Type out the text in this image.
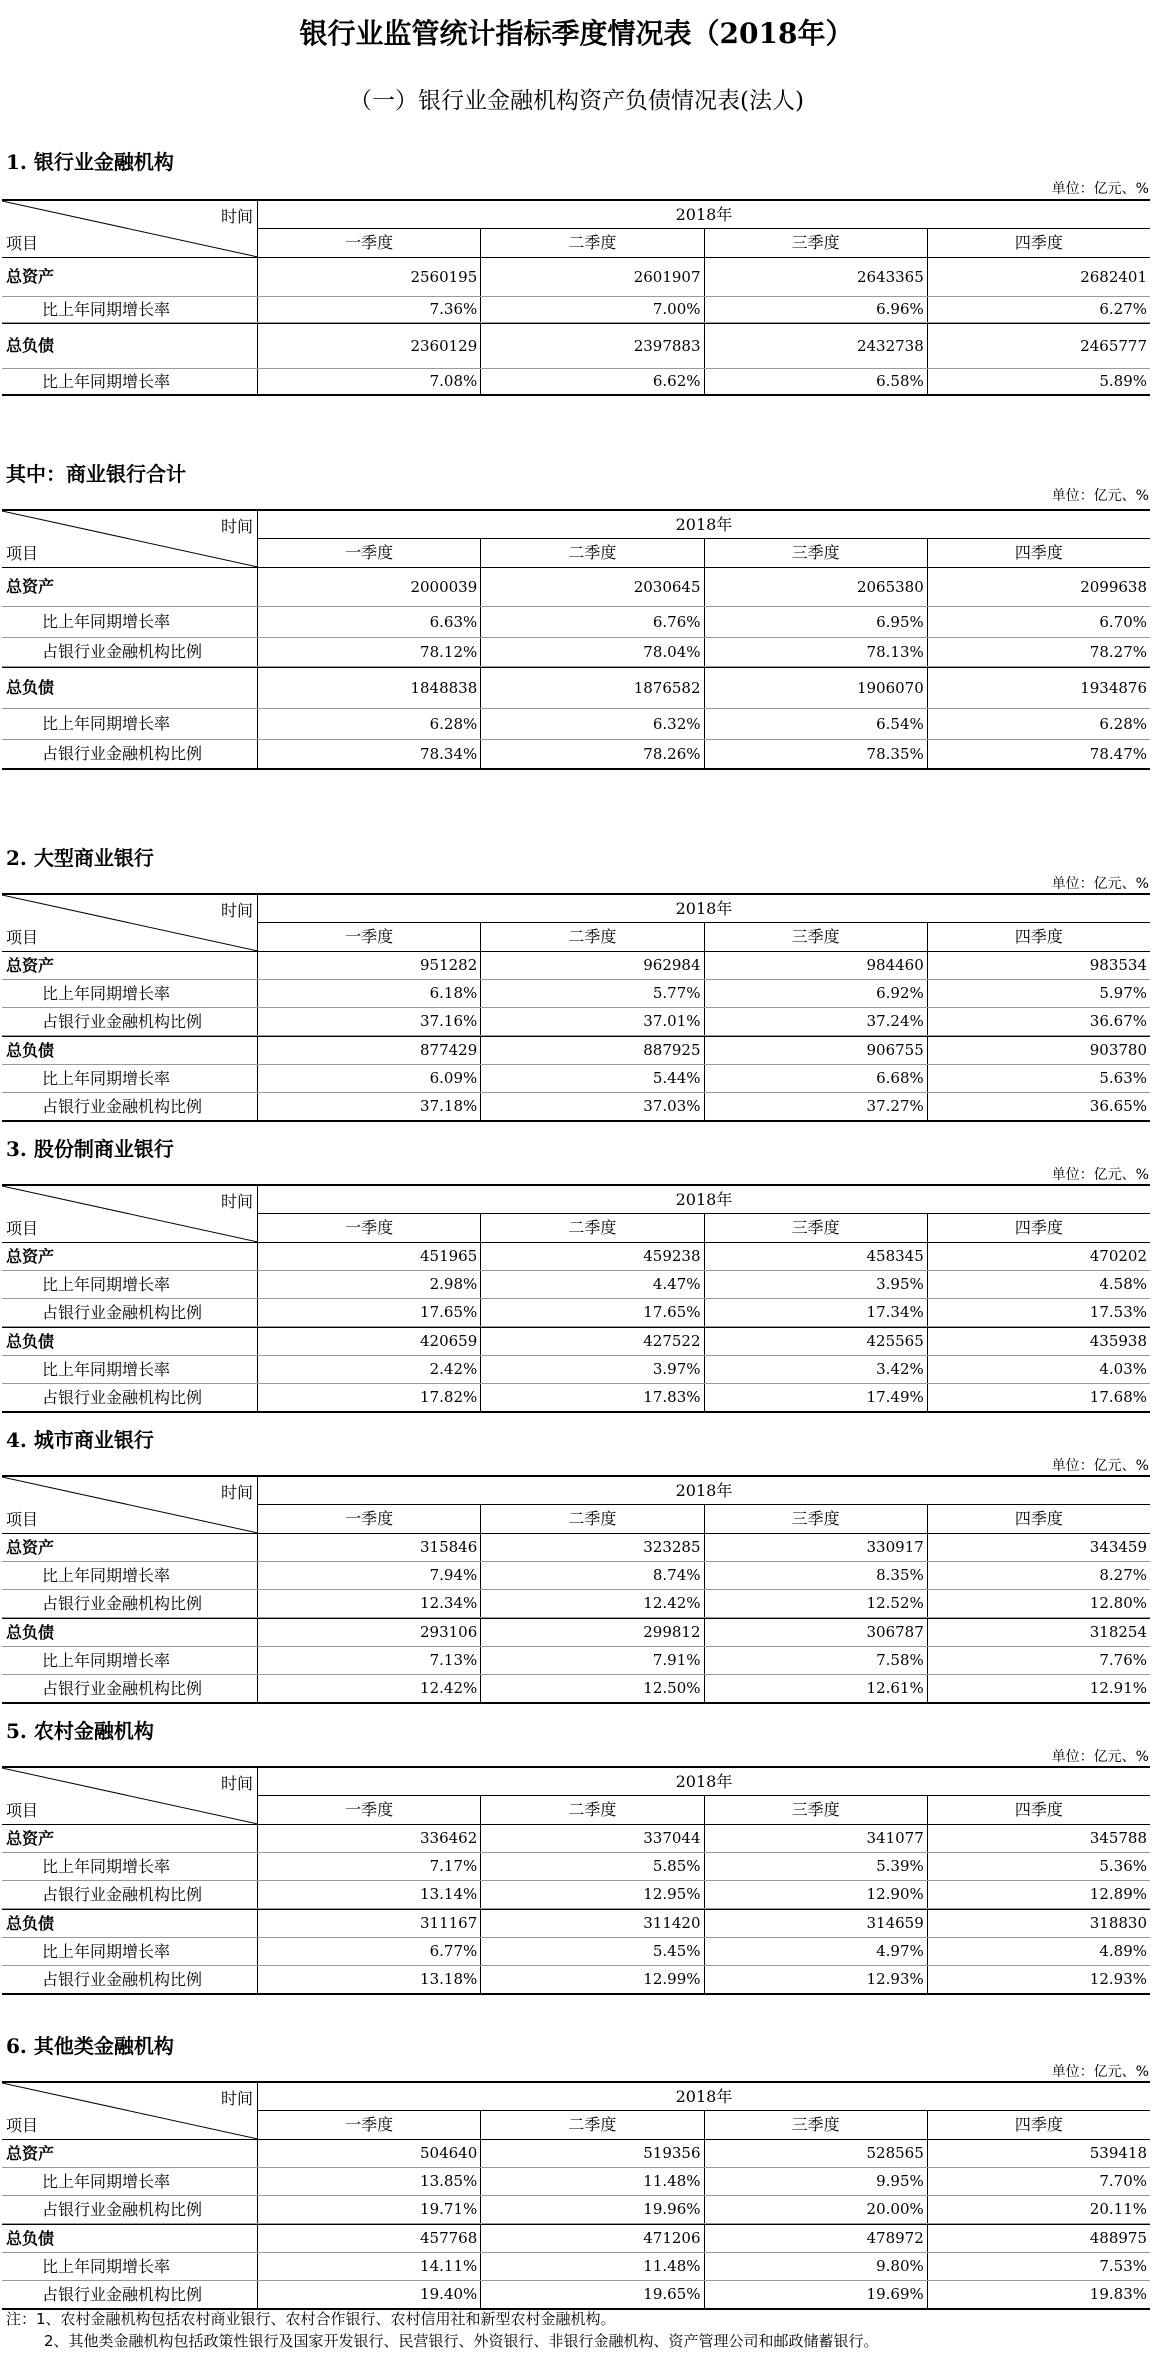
银行业监管统计指标季度情况表（2018年）
（一）银行业金融机构资产负债情况表(法人)
1. 银行业金融机构
单位：亿元、%
时间
项目
2018年
一季度	二季度	三季度	四季度
总资产	2560195	2601907	2643365	2682401
比上年同期增长率	7.36%	7.00%	6.96%	6.27%
总负债	2360129	2397883	2432738	2465777
比上年同期增长率	7.08%	6.62%	6.58%	5.89%
其中：商业银行合计
单位：亿元、%
时间
项目
2018年
一季度	二季度	三季度	四季度
总资产	2000039	2030645	2065380	2099638
比上年同期增长率	6.63%	6.76%	6.95%	6.70%
占银行业金融机构比例	78.12%	78.04%	78.13%	78.27%
总负债	1848838	1876582	1906070	1934876
比上年同期增长率	6.28%	6.32%	6.54%	6.28%
占银行业金融机构比例	78.34%	78.26%	78.35%	78.47%
2. 大型商业银行
单位：亿元、%
时间
项目
2018年
一季度	二季度	三季度	四季度
总资产	951282	962984	984460	983534
比上年同期增长率	6.18%	5.77%	6.92%	5.97%
占银行业金融机构比例	37.16%	37.01%	37.24%	36.67%
总负债	877429	887925	906755	903780
比上年同期增长率	6.09%	5.44%	6.68%	5.63%
占银行业金融机构比例	37.18%	37.03%	37.27%	36.65%
3. 股份制商业银行
单位：亿元、%
时间
项目
2018年
一季度	二季度	三季度	四季度
总资产	451965	459238	458345	470202
比上年同期增长率	2.98%	4.47%	3.95%	4.58%
占银行业金融机构比例	17.65%	17.65%	17.34%	17.53%
总负债	420659	427522	425565	435938
比上年同期增长率	2.42%	3.97%	3.42%	4.03%
占银行业金融机构比例	17.82%	17.83%	17.49%	17.68%
4. 城市商业银行
单位：亿元、%
时间
项目
2018年
一季度	二季度	三季度	四季度
总资产	315846	323285	330917	343459
比上年同期增长率	7.94%	8.74%	8.35%	8.27%
占银行业金融机构比例	12.34%	12.42%	12.52%	12.80%
总负债	293106	299812	306787	318254
比上年同期增长率	7.13%	7.91%	7.58%	7.76%
占银行业金融机构比例	12.42%	12.50%	12.61%	12.91%
5. 农村金融机构
单位：亿元、%
时间
项目
2018年
一季度	二季度	三季度	四季度
总资产	336462	337044	341077	345788
比上年同期增长率	7.17%	5.85%	5.39%	5.36%
占银行业金融机构比例	13.14%	12.95%	12.90%	12.89%
总负债	311167	311420	314659	318830
比上年同期增长率	6.77%	5.45%	4.97%	4.89%
占银行业金融机构比例	13.18%	12.99%	12.93%	12.93%
6. 其他类金融机构
单位：亿元、%
时间
项目
2018年
一季度	二季度	三季度	四季度
总资产	504640	519356	528565	539418
比上年同期增长率	13.85%	11.48%	9.95%	7.70%
占银行业金融机构比例	19.71%	19.96%	20.00%	20.11%
总负债	457768	471206	478972	488975
比上年同期增长率	14.11%	11.48%	9.80%	7.53%
占银行业金融机构比例	19.40%	19.65%	19.69%	19.83%
注：1、农村金融机构包括农村商业银行、农村合作银行、农村信用社和新型农村金融机构。
2、其他类金融机构包括政策性银行及国家开发银行、民营银行、外资银行、非银行金融机构、资产管理公司和邮政储蓄银行。
